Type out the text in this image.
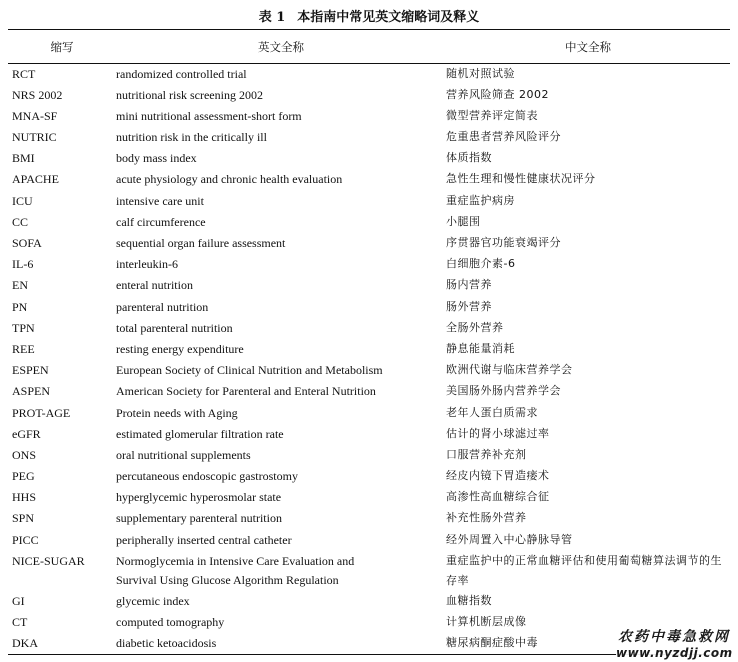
表 1 本指南中常见英文缩略词及释义
缩写	英文全称	中文全称
RCT	randomized controlled trial	随机对照试验
NRS 2002	nutritional risk screening 2002	营养风险筛查 2002
MNA-SF	mini nutritional assessment-short form	微型营养评定简表
NUTRIC	nutrition risk in the critically ill	危重患者营养风险评分
BMI	body mass index	体质指数
APACHE	acute physiology and chronic health evaluation	急性生理和慢性健康状况评分
ICU	intensive care unit	重症监护病房
CC	calf circumference	小腿围
SOFA	sequential organ failure assessment	序贯器官功能衰竭评分
IL-6	interleukin-6	白细胞介素-6
EN	enteral nutrition	肠内营养
PN	parenteral nutrition	肠外营养
TPN	total parenteral nutrition	全肠外营养
REE	resting energy expenditure	静息能量消耗
ESPEN	European Society of Clinical Nutrition and Metabolism	欧洲代谢与临床营养学会
ASPEN	American Society for Parenteral and Enteral Nutrition	美国肠外肠内营养学会
PROT-AGE	Protein needs with Aging	老年人蛋白质需求
eGFR	estimated glomerular filtration rate	估计的肾小球滤过率
ONS	oral nutritional supplements	口服营养补充剂
PEG	percutaneous endoscopic gastrostomy	经皮内镜下胃造瘘术
HHS	hyperglycemic hyperosmolar state	高渗性高血糖综合征
SPN	supplementary parenteral nutrition	补充性肠外营养
PICC	peripherally inserted central catheter	经外周置入中心静脉导管
NICE-SUGAR	Normoglycemia in Intensive Care Evaluation and
Survival Using Glucose Algorithm Regulation	重症监护中的正常血糖评估和使用葡萄糖算法调节的生存率
GI	glycemic index	血糖指数
CT	computed tomography	计算机断层成像
DKA	diabetic ketoacidosis	糖尿病酮症酸中毒	农药中毒急救网
www.nyzdjj.com
